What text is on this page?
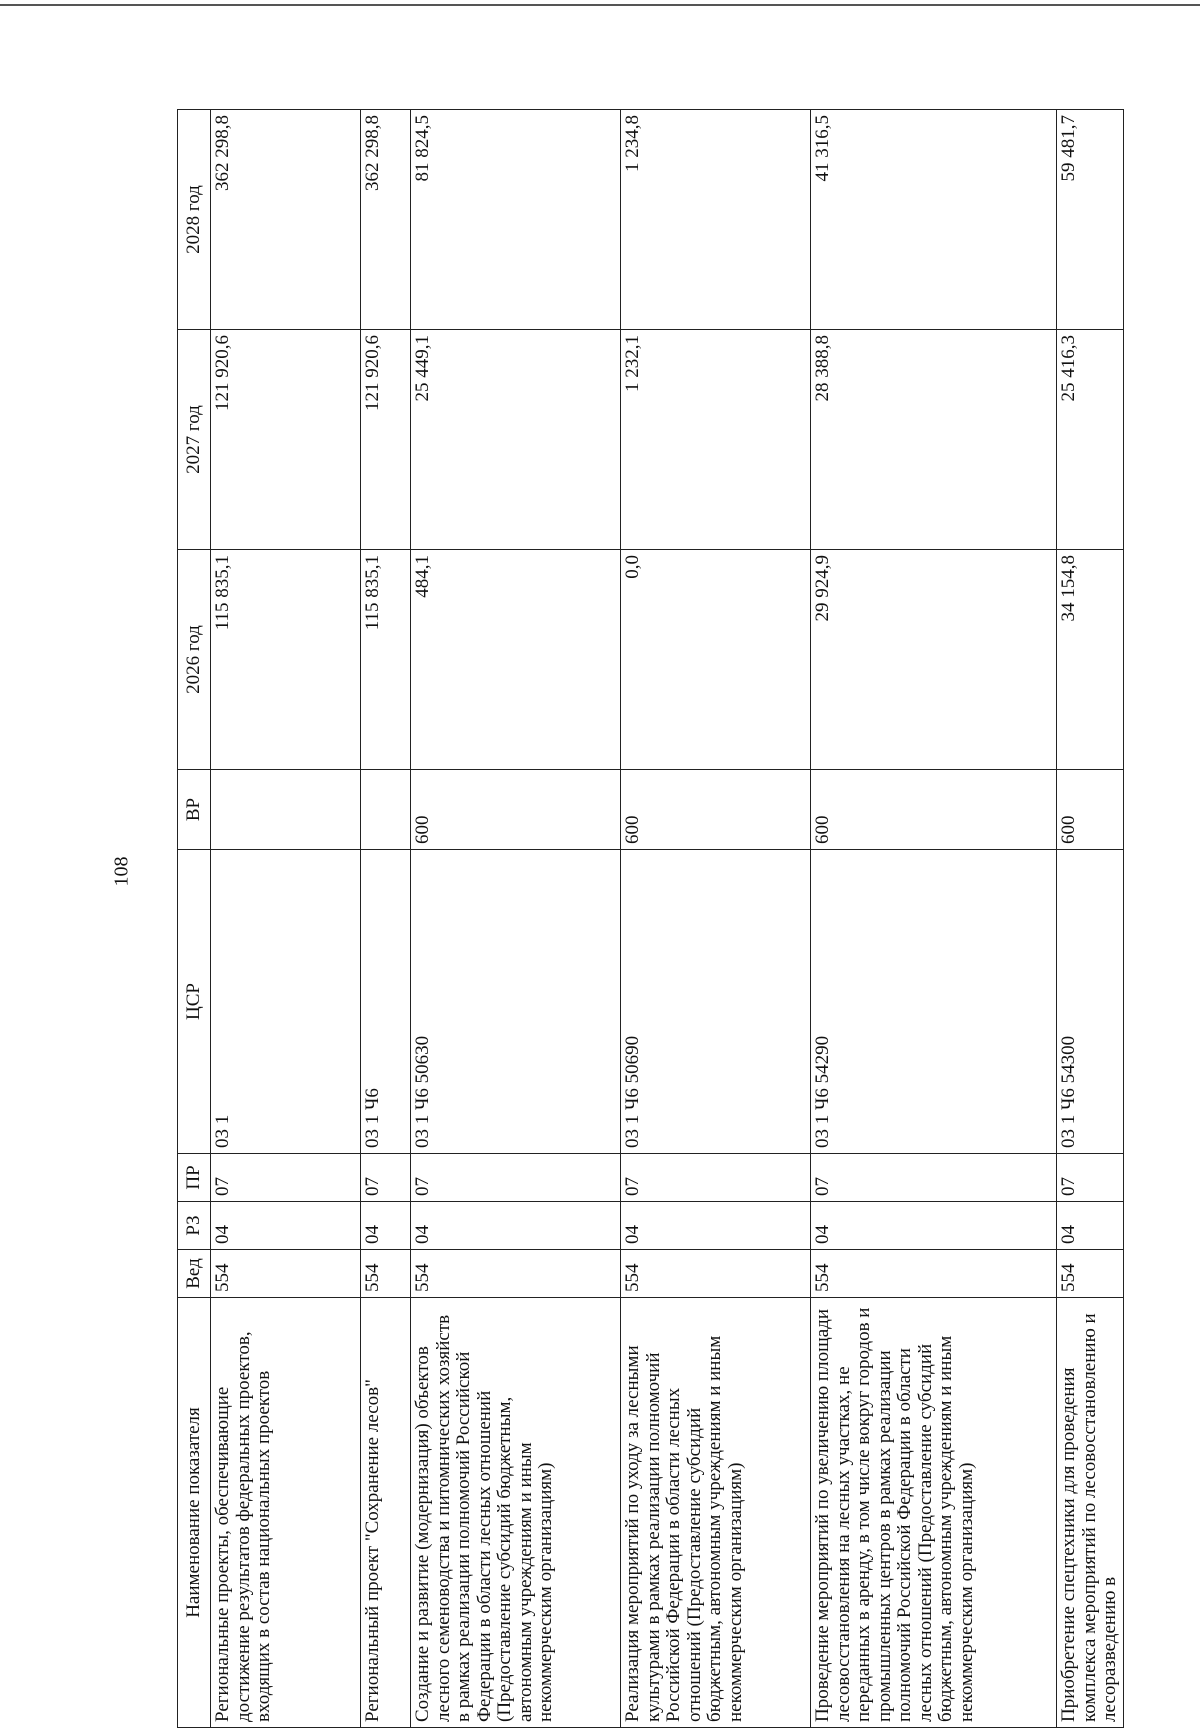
108
Наименование показателя	Вед	РЗ	ПР	ЦСР	ВР	2026 год	2027 год	2028 год
Региональные проекты, обеспечивающие достижение результатов федеральных проектов, входящих в состав национальных проектов	554	04	07	03 1		115 835,1	121 920,6	362 298,8
Региональный проект "Сохранение лесов"	554	04	07	03 1 Ч6		115 835,1	121 920,6	362 298,8
Создание и развитие (модернизация) объектов лесного семеноводства и питомнических хозяйств в рамках реализации полномочий Российской Федерации в области лесных отношений (Предоставление субсидий бюджетным, автономным учреждениям и иным некоммерческим организациям)	554	04	07	03 1 Ч6 50630	600	484,1	25 449,1	81 824,5
Реализация мероприятий по уходу за лесными культурами в рамках реализации полномочий Российской Федерации в области лесных отношений (Предоставление субсидий бюджетным, автономным учреждениям и иным некоммерческим организациям)	554	04	07	03 1 Ч6 50690	600	0,0	1 232,1	1 234,8
Проведение мероприятий по увеличению площади лесовосстановления на лесных участках, не переданных в аренду, в том числе вокруг городов и промышленных центров в рамках реализации полномочий Российской Федерации в области лесных отношений (Предоставление субсидий бюджетным, автономным учреждениям и иным некоммерческим организациям)	554	04	07	03 1 Ч6 54290	600	29 924,9	28 388,8	41 316,5
Приобретение спецтехники для проведения комплекса мероприятий по лесовосстановлению и лесоразведению в	554	04	07	03 1 Ч6 54300	600	34 154,8	25 416,3	59 481,7
